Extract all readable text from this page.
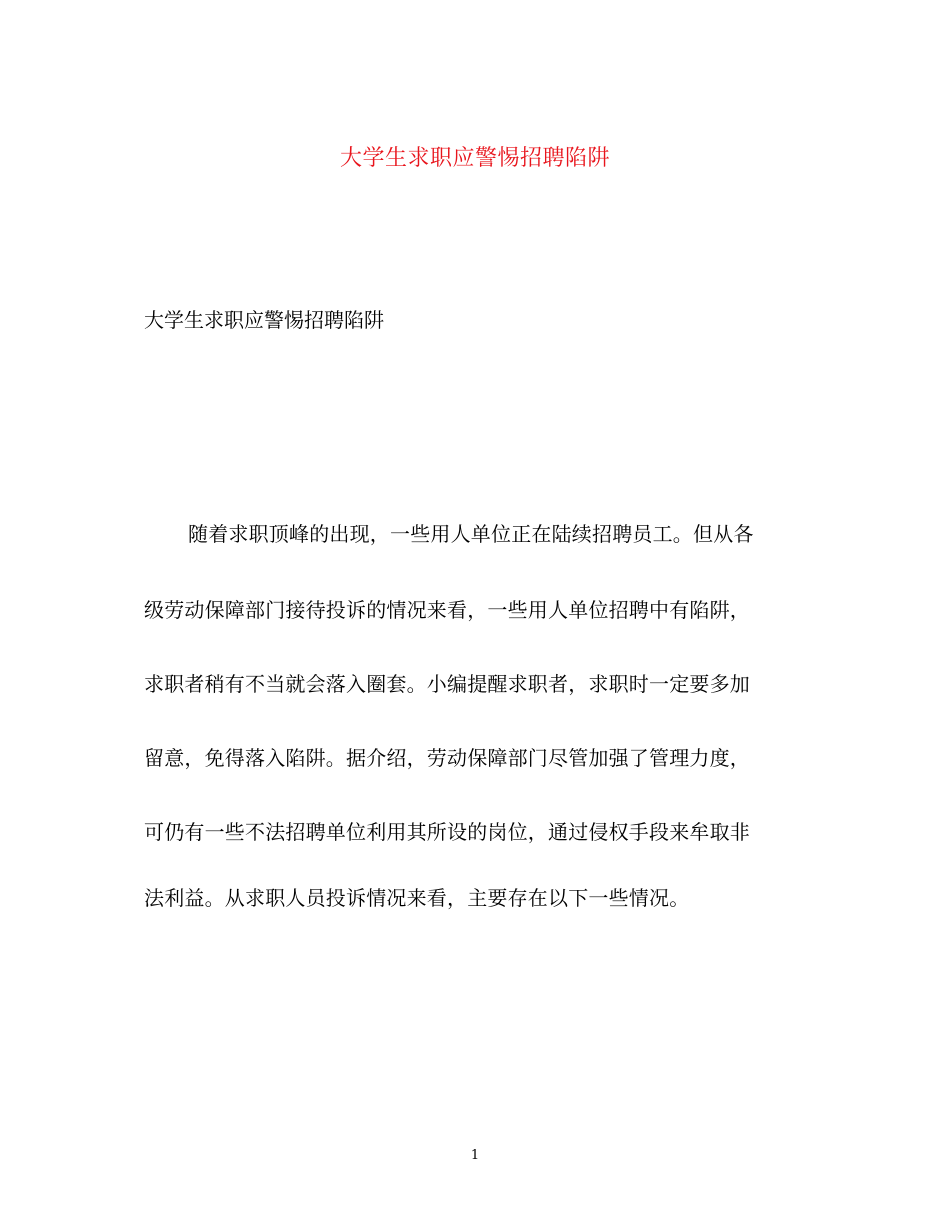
大学生求职应警惕招聘陷阱
大学生求职应警惕招聘陷阱
随着求职顶峰的出现，一些用人单位正在陆续招聘员工。但从各
级劳动保障部门接待投诉的情况来看，一些用人单位招聘中有陷阱，
求职者稍有不当就会落入圈套。小编提醒求职者，求职时一定要多加
留意，免得落入陷阱。据介绍，劳动保障部门尽管加强了管理力度，
可仍有一些不法招聘单位利用其所设的岗位，通过侵权手段来牟取非
法利益。从求职人员投诉情况来看，主要存在以下一些情况。
1
